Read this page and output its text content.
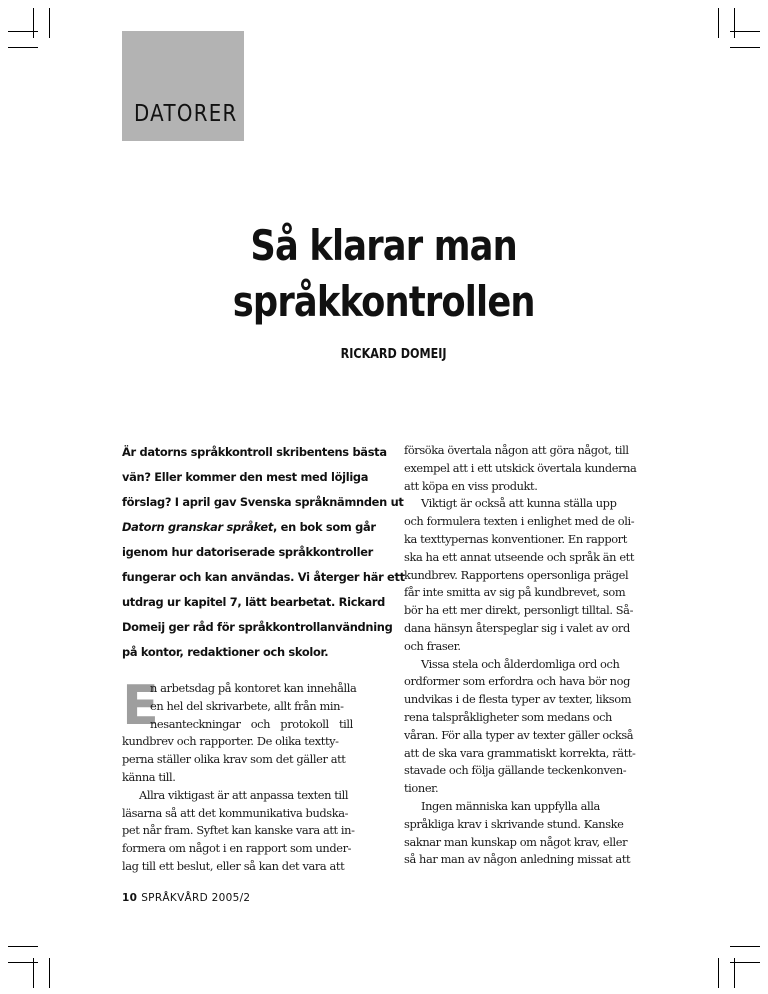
DATORER
Så klarar man
språkkontrollen
RICKARD DOMEIJ
Är datorns språkkontroll skribentens bästa
vän? Eller kommer den mest med löjliga
förslag? I april gav Svenska språknämnden ut
Datorn granskar språket, en bok som går
igenom hur datoriserade språkkontroller
fungerar och kan användas. Vi återger här ett
utdrag ur kapitel 7, lätt bearbetat. Rickard
Domeij ger råd för språkkontrollanvändning
på kontor, redaktioner och skolor.
E
n arbetsdag på kontoret kan innehålla
en hel del skrivarbete, allt från min-
nesanteckningar och protokoll till
kundbrev och rapporter. De olika textty-
perna ställer olika krav som det gäller att
känna till.
Allra viktigast är att anpassa texten till
läsarna så att det kommunikativa budska-
pet når fram. Syftet kan kanske vara att in-
formera om något i en rapport som under-
lag till ett beslut, eller så kan det vara att
försöka övertala någon att göra något, till
exempel att i ett utskick övertala kunderna
att köpa en viss produkt.
Viktigt är också att kunna ställa upp
och formulera texten i enlighet med de oli-
ka texttypernas konventioner. En rapport
ska ha ett annat utseende och språk än ett
kundbrev. Rapportens opersonliga prägel
får inte smitta av sig på kundbrevet, som
bör ha ett mer direkt, personligt tilltal. Så-
dana hänsyn återspeglar sig i valet av ord
och fraser.
Vissa stela och ålderdomliga ord och
ordformer som erfordra och hava bör nog
undvikas i de flesta typer av texter, liksom
rena talspråkligheter som medans och
våran. För alla typer av texter gäller också
att de ska vara grammatiskt korrekta, rätt-
stavade och följa gällande teckenkonven-
tioner.
Ingen människa kan uppfylla alla
språkliga krav i skrivande stund. Kanske
saknar man kunskap om något krav, eller
så har man av någon anledning missat att
10 SPRÅKVÅRD 2005/2
